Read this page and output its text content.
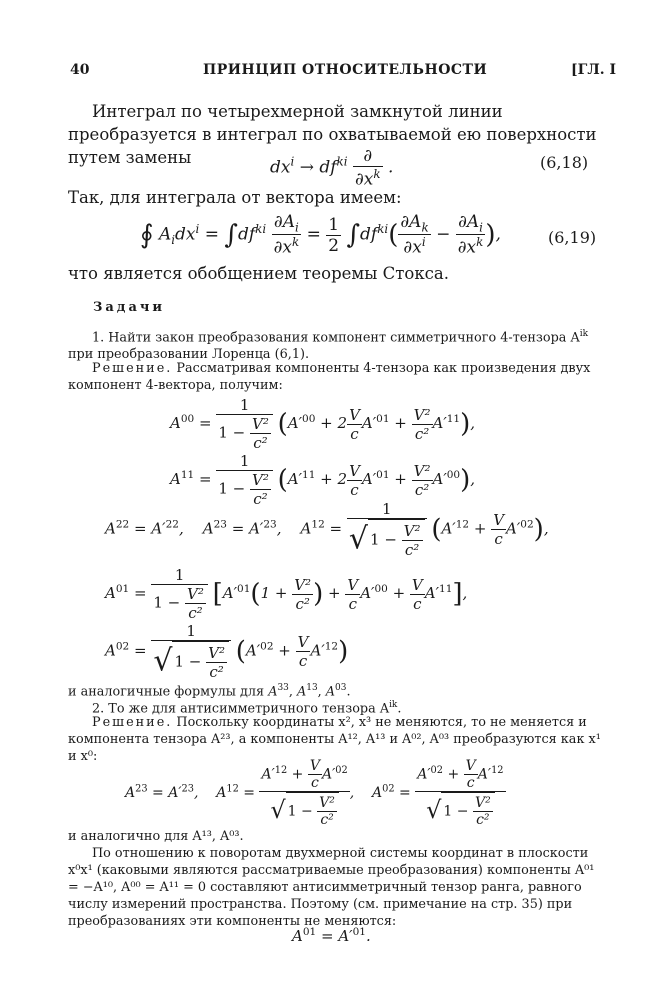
40	ПРИНЦИП ОТНОСИТЕЛЬНОСТИ	[ГЛ. I
Интеграл по четырехмерной замкнутой линии преобразуется в интеграл по охватываемой ею поверхности путем замены	$dx^i \to df^{ki} \frac{\partial}{\partial x^k}$ .	(6,18)
Так, для интеграла от вектора имеем:
∮ $A_idx^i = \int df^{ki} \frac{\partial A_i}{\partial x^k} = \frac{1}{2} \int df^{ki}( \frac{\partial A_k}{\partial x^i} - \frac{\partial A_i}{\partial x^k}$ ),	(6,19)
что является обобщением теоремы Стокса.
Задачи
1. Найти закон преобразования компонент симметричного 4-тензора $A^{ik}$ при преобразовании Лоренца (6,1).
Решение. Рассматривая компоненты 4-тензора как произведения двух компонент 4-вектора, получим:
$A^{00} = \frac{1}{1 - \frac{\text{V²}}{\text{c²}}} (A'^{00} + 2 \frac{V}{c} A'^{01} + \frac{\text{V²}}{\text{c²}} A'^{11})$,
$A^{11} = \frac{1}{1 - \frac{\text{V²}}{\text{c²}}} (A'^{11} + 2 \frac{V}{c} A'^{01} + \frac{\text{V²}}{\text{c²}} A'^{00})$,
$A^{22} = A'^{22}$,    $A^{23} = A'^{23}$,    $A^{12} = \frac{1}{√ 1 - \frac{\text{V²}}{\text{c²}}} (A'^{12} + \frac{V}{c} A'^{02})$,
$A^{01} = \frac{1}{1 - \frac{\text{V²}}{\text{c²}}} [A'^{01}(1 + \frac{\text{V²}}{\text{c²}}$ ) + $\frac{V}{c} A'^{00} + \frac{V}{c} A'^{11}$],
$A^{02} = \frac{1}{√ 1 - \frac{\text{V²}}{\text{c²}}} (A'^{02} + \frac{V}{c} A'^{12})$
и аналогичные формулы для $A^{33}$, $A^{13}$, $A^{03}$.
2. То же для антисимметричного тензора $A^{ik}$.
Решение. Поскольку координаты x², x³ не меняются, то не меняется и компонента тензора A²³, а компоненты A¹², A¹³ и A⁰², A⁰³ преобразуются как x¹ и x⁰:
$A^{23} = A'^{23}$,    $A^{12} = \frac{A'^{12} + \frac{V}{c} A'^{02}}{√ 1 - \frac{\text{V²}}{\text{c²}}}$ ,    $A^{02} = \frac{A'^{02} + \frac{V}{c} A'^{12}}{√ 1 - \frac{\text{V²}}{\text{c²}}}$
и аналогично для A¹³, A⁰³.
По отношению к поворотам двухмерной системы координат в плоскости x⁰x¹ (каковыми являются рассматриваемые преобразования) компоненты A⁰¹ = −A¹⁰, A⁰⁰ = A¹¹ = 0 составляют антисимметричный тензор ранга, равного числу измерений пространства. Поэтому (см. примечание на стр. 35) при преобразованиях эти компоненты не меняются:
$A^{01} = A'^{01}$.
